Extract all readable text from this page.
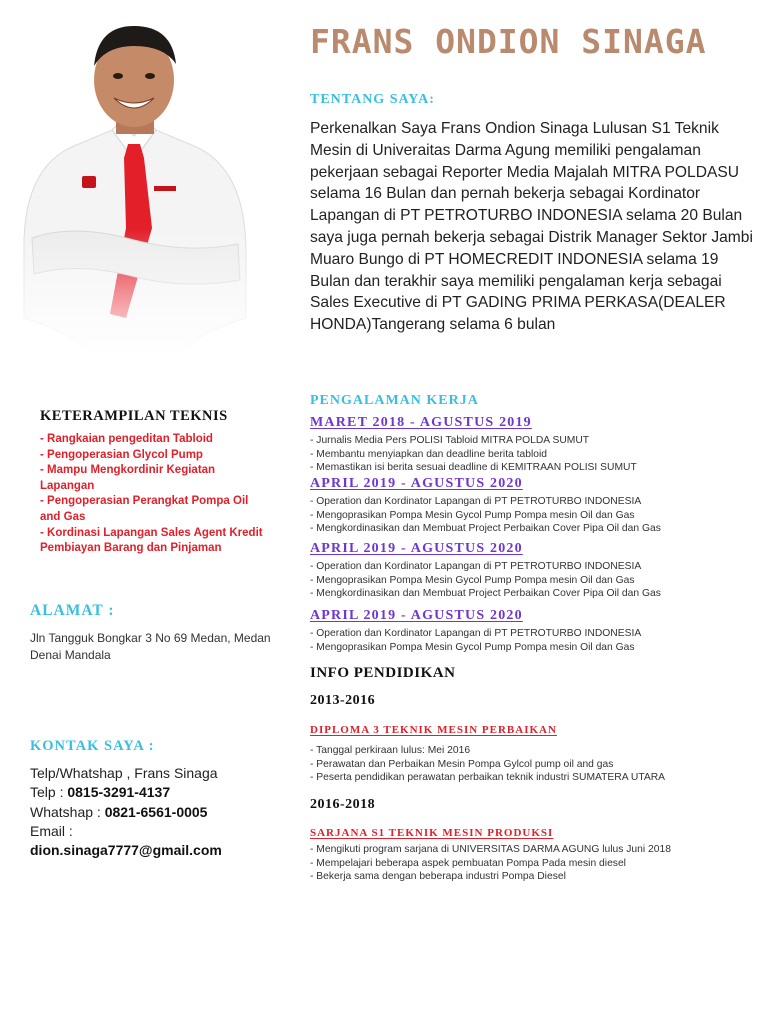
FRANS ONDION SINAGA
TENTANG SAYA:
Perkenalkan Saya Frans Ondion Sinaga Lulusan S1 Teknik Mesin di Univeraitas Darma Agung memiliki pengalaman pekerjaan sebagai Reporter Media Majalah MITRA POLDASU selama 16 Bulan dan pernah bekerja sebagai Kordinator Lapangan di PT PETROTURBO INDONESIA selama 20 Bulan saya juga pernah bekerja sebagai Distrik Manager Sektor Jambi Muaro Bungo di PT HOMECREDIT INDONESIA selama 19 Bulan dan terakhir saya memiliki pengalaman kerja sebagai Sales Executive di PT GADING PRIMA PERKASA(DEALER HONDA)Tangerang selama 6 bulan
PENGALAMAN KERJA
MARET 2018 - AGUSTUS 2019
- Jurnalis Media Pers POLISI Tabloid MITRA POLDA SUMUT
- Membantu menyiapkan dan deadline berita tabloid
- Memastikan isi berita sesuai deadline di KEMITRAAN POLISI SUMUT
APRIL 2019 - AGUSTUS 2020
- Operation dan Kordinator Lapangan di PT PETROTURBO INDONESIA
- Mengoprasikan Pompa Mesin Gycol Pump Pompa mesin Oil dan Gas
- Mengkordinasikan dan Membuat Project Perbaikan Cover Pipa Oil dan Gas
APRIL 2019 - AGUSTUS 2020
- Operation dan Kordinator Lapangan di PT PETROTURBO INDONESIA
- Mengoprasikan Pompa Mesin Gycol Pump Pompa mesin Oil dan Gas
- Mengkordinasikan dan Membuat Project Perbaikan Cover Pipa Oil dan Gas
APRIL 2019 - AGUSTUS 2020
- Operation dan Kordinator Lapangan di PT PETROTURBO INDONESIA
- Mengoprasikan Pompa Mesin Gycol Pump Pompa mesin Oil dan Gas
INFO PENDIDIKAN
2013-2016
DIPLOMA 3 TEKNIK MESIN PERBAIKAN
- Tanggal perkiraan lulus: Mei 2016
- Perawatan dan Perbaikan Mesin Pompa Gylcol pump oil and gas
- Peserta pendidikan perawatan perbaikan teknik industri SUMATERA UTARA
2016-2018
SARJANA S1 TEKNIK MESIN PRODUKSI
- Mengikuti program sarjana di UNIVERSITAS DARMA AGUNG lulus Juni 2018
- Mempelajari beberapa aspek pembuatan Pompa Pada mesin diesel
- Bekerja sama dengan beberapa industri Pompa Diesel
KETERAMPILAN TEKNIS
- Rangkaian pengeditan Tabloid
- Pengoperasian Glycol Pump
- Mampu Mengkordinir Kegiatan Lapangan
- Pengoperasian Perangkat Pompa Oil and Gas
- Kordinasi Lapangan Sales Agent Kredit Pembiayan Barang dan Pinjaman
ALAMAT :
Jln Tangguk Bongkar 3 No 69 Medan, Medan Denai Mandala
KONTAK SAYA :
Telp/Whatshap , Frans Sinaga
Telp : 0815-3291-4137
Whatshap : 0821-6561-0005
Email :
dion.sinaga7777@gmail.com
